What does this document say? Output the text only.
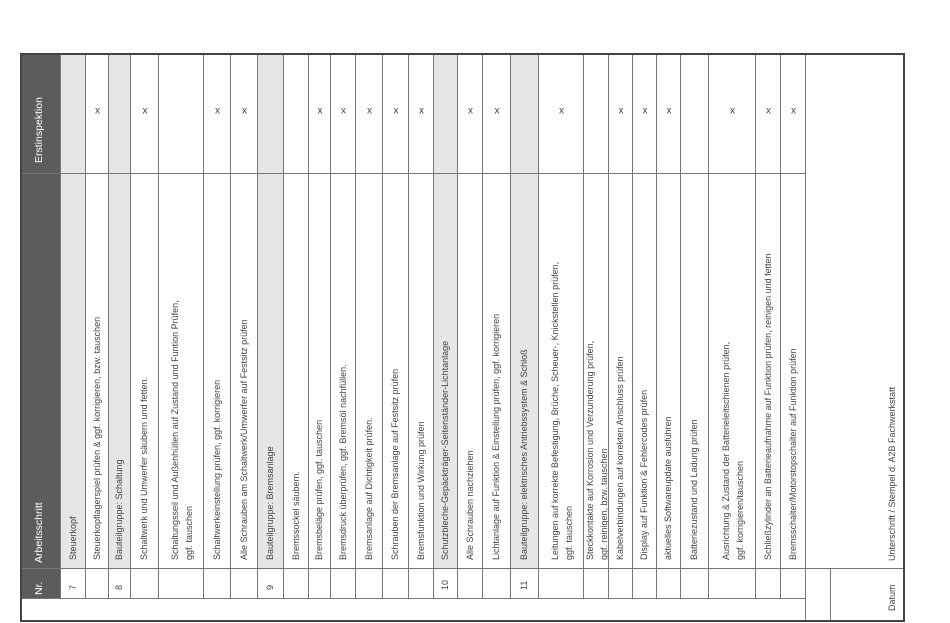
7
Steuerkopf Steuerkopflagerspiel prüfen & ggf. korrigieren, bzw. tauschen
x
8
Bauteilgruppe: Schaltung Schaltwerk und Umwerfer säubern und fetten.
x
Schaltungsseil und Außenhüllen auf Zustand und Funtion Prüfen, ggf. tauschen Schaltwerkeinstellung prüfen, ggf. korrigieren
x
Alle Schrauben am Schaltwerk/Umwerfer auf Festsitz prüfen
x
9
Bauteilgruppe: Bremsanlage Bremssockel säubern. Bremsbeläge prüfen, ggf. tauschen
x
Bremsdruck überprüfen, ggf. Bremsöl nachfüllen.
x
Bremsanlage auf Dichtigkeit prüfen.
x
Schrauben der Bremsanlage auf Festsitz prüfen
x
Bremsfunktion und Wirkung prüfen
x
10
Schutzbleche-Gepäckträger-Seitenständer-Lichtanlage Alle Schrauben nachziehen
x
Lichtanlage auf Funktion & Einstellung prüfen, ggf. korrigieren
x
11
Bauteilgruppe: elektrisches Antriebssystem & Schloß Leitungen auf korrekte Befestigung, Brüche, Scheuer-, Knickstellen prüfen, ggf. tauschen
x
Steckkontakte auf Korrosion und Verzunderung prüfen, ggf. reinigen, bzw. tauschen Kabelverbindungen auf korrekten Anschluss prüfen
x
Display auf Funktion & Fehlercodes prüfen
x
aktuelles Softwareupdate ausführen
x
Batteriezustand und Ladung prüfen Ausrichtung & Zustand der Batterieleitschienen prüfen, ggf. korrigieren/tauschen
x
Schließzylinder an Batterieaufnahme auf Funktion prüfen, reinigen und fetten
x
Bremsschalter/Motorstopschalter auf Funktion prüfen
x
Nr.
Arbeitsschritt
Erstinspektion
Datum
Unterschrift / Stempel d. A2B Fachwerkstatt
